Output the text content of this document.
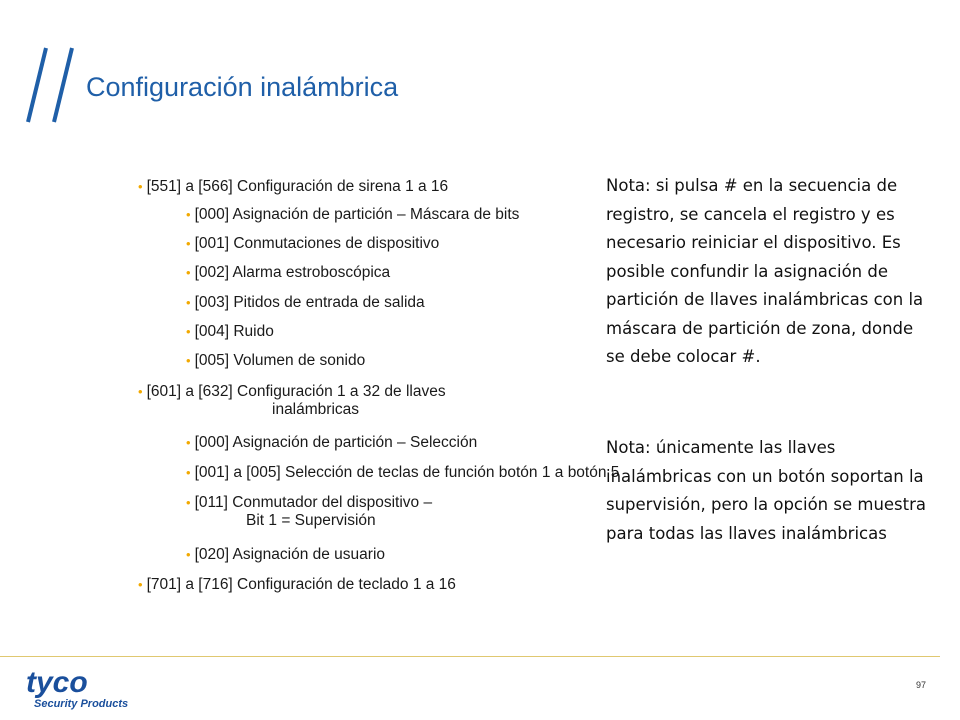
Configuración inalámbrica
• [551] a [566] Configuración de sirena 1 a 16
• [000] Asignación de partición – Máscara de bits
• [001] Conmutaciones de dispositivo
• [002] Alarma estroboscópica
• [003] Pitidos de entrada de salida
• [004] Ruido
• [005] Volumen de sonido
• [601] a [632] Configuración 1 a 32 de llaves
inalámbricas
• [000] Asignación de partición – Selección
• [001] a [005] Selección de teclas de función botón 1 a botón 5
• [011] Conmutador del dispositivo –
Bit 1 = Supervisión
• [020] Asignación de usuario
• [701] a [716] Configuración de teclado 1 a 16
Nota: si pulsa # en la secuencia de registro, se cancela el registro y es necesario reiniciar el dispositivo. Es posible confundir la asignación de partición de llaves inalámbricas con la máscara de partición de zona, donde se debe colocar #.
Nota: únicamente las llaves inalámbricas con un botón soportan la supervisión, pero la opción se muestra para todas las llaves inalámbricas
tyco
Security Products
97
